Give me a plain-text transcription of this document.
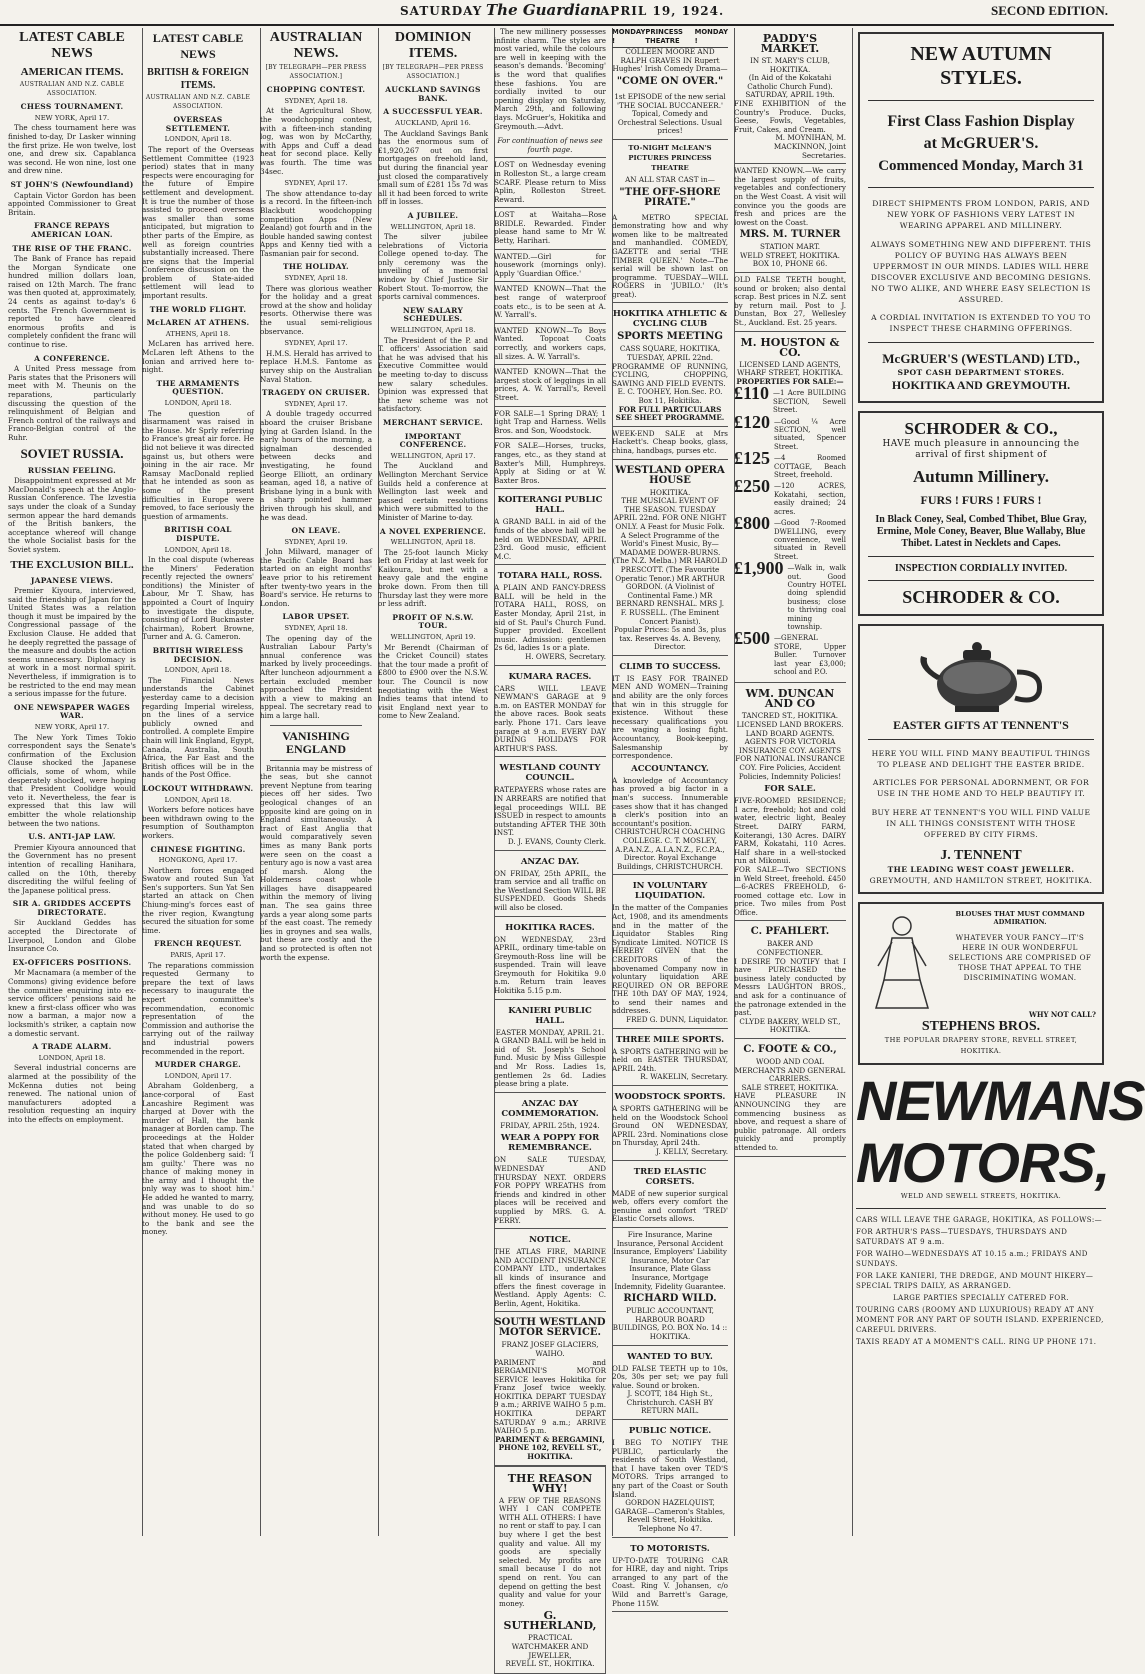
SATURDAY The Guardian APRIL 19, 1924.	SECOND EDITION.
LATEST CABLE NEWS
AMERICAN ITEMS.
AUSTRALIAN AND N.Z. CABLE ASSOCIATION.
CHESS TOURNAMENT.
NEW YORK, April 17.

The chess tournament here was finished to-day, Dr Lasker winning the first prize. He won twelve, lost one, and drew six. Capablanca was second. He won nine, lost one and drew nine.

ST JOHN'S (Newfoundland)

Captain Victor Gordon has been appointed Commissioner to Great Britain.

FRANCE REPAYS AMERICAN LOAN.
THE RISE OF THE FRANC.

The Bank of France has repaid the Morgan Syndicate one hundred million dollars loan, raised on 12th March. The franc was then quoted at, approximately, 24 cents as against to-day's 6 cents. The French Government is reported to have cleared enormous profits and is completely confident the franc will continue to rise.

A CONFERENCE.

A United Press message from Paris states that the Prisoners will meet with M. Theunis on the reparations, particularly discussing the question of the relinquishment of Belgian and French control of the railways and Franco-Belgian control of the Ruhr.

SOVIET RUSSIA.
RUSSIAN FEELING.

Disappointment expressed at Mr MacDonald's speech at the Anglo-Russian Conference. The Izvestia says under the cloak of a Sunday sermon appear the hard demands of the British bankers, the acceptance whereof will change the whole Socialist basis for the Soviet system.

THE EXCLUSION BILL.
JAPANESE VIEWS.

Premier Kiyoura, interviewed, said the friendship of Japan for the United States was a relation though it must be impaired by the Congressional passage of the Exclusion Clause. He added that he deeply regretted the passage of the measure and doubts the action seems unnecessary. Diplomacy is at work in a most normal spirit. Nevertheless, if immigration is to be restricted to the end may mean a serious impasse for the future.

ONE NEWSPAPER WAGES WAR.
NEW YORK, April 17.

The New York Times Tokio correspondent says the Senate's confirmation of the Exclusion Clause shocked the Japanese officials, some of whom, while desperately shocked, were hoping that President Coolidge would veto it. Nevertheless, the fear is expressed that this law will embitter the whole relationship between the two nations.

U.S. ANTI-JAP LAW.

Premier Kiyoura announced that the Government has no present intention of recalling Hanihara, called on the 10th, thereby discrediting the wilful feeling of the Japanese political press.

SIR A. GRIDDES ACCEPTS DIRECTORATE.

Sir Auckland Geddes has accepted the Directorate of Liverpool, London and Globe Insurance Co.

EX-OFFICERS POSITIONS.

Mr Macnamara (a member of the Commons) giving evidence before the committee enquiring into ex-service officers' pensions said he knew a first-class officer who was now a barman, a major now a locksmith's striker, a captain now a domestic servant.

A TRADE ALARM.
LONDON, April 18.

Several industrial concerns are alarmed at the possibility of the McKenna duties not being renewed. The national union of manufacturers adopted a resolution requesting an inquiry into the effects on employment.

LATEST CABLE NEWS
BRITISH & FOREIGN ITEMS.
AUSTRALIAN AND N.Z. CABLE ASSOCIATION.
OVERSEAS SETTLEMENT.
LONDON, April 18.

The report of the Overseas Settlement Committee (1923 period) states that in many respects were encouraging for the future of Empire settlement and development. It is true the number of those assisted to proceed overseas was smaller than some anticipated, but migration to other parts of the Empire, as well as foreign countries substantially increased. There are signs that the Imperial Conference discussion on the problem of State-aided settlement will lead to important results.

THE WORLD FLIGHT.
McLAREN AT ATHENS.
ATHENS, April 18.

McLaren has arrived here. McLaren left Athens to the Ionian and arrived here to-night.

THE ARMAMENTS QUESTION.
LONDON, April 18.

The question of disarmament was raised in the House. Mr Sprly referring to France's great air force. He did not believe it was directed against us, but others were joining in the air race. Mr Ramsay MacDonald replied that he intended as soon as some of the present difficulties in Europe were removed, to face seriously the question of armaments.

BRITISH COAL DISPUTE.
LONDON, April 18.

In the coal dispute (whereas the Miners' Federation recently rejected the owners' conditions) the Minister of Labour, Mr T. Shaw, has appointed a Court of Inquiry to investigate the dispute, consisting of Lord Buckmaster (chairman), Robert Browne, Turner and A. G. Cameron.

BRITISH WIRELESS DECISION.
LONDON, April 18.

The Financial News understands the Cabinet yesterday came to a decision regarding Imperial wireless, on the lines of a service publicly owned and controlled. A complete Empire chain will link England, Egypt, Canada, Australia, South Africa, the Far East and the British offices will be in the hands of the Post Office.

LOCKOUT WITHDRAWN.
LONDON, April 18.

Workers before notices have been withdrawn owing to the resumption of Southampton workers.

CHINESE FIGHTING.
HONGKONG, April 17.

Northern forces engaged Swatow and routed Sun Yat Sen's supporters. Sun Yat Sen started an attack on Chen Chiung-ming's forces east of the river region, Kwangtung secured the situation for some time.

FRENCH REQUEST.
PARIS, April 17.

The reparations commission requested Germany to prepare the text of laws necessary to inaugurate the expert committee's recommendation, economic representation of the Commission and authorise the carrying out of the railway and industrial powers recommended in the report.

MURDER CHARGE.
LONDON, April 17.

Abraham Goldenberg, a lance-corporal of East Lancashire Regiment was charged at Dover with the murder of Hall, the bank manager at Borden camp. The proceedings at the Holder stated that when charged by the police Goldenberg said: 'I am guilty.' There was no chance of making money in the army and I thought the only way was to shoot him.' He added he wanted to marry, and was unable to do so without money. He used to go to the bank and see the money.

AUSTRALIAN NEWS.
[BY TELEGRAPH—PER PRESS ASSOCIATION.]
CHOPPING CONTEST.
SYDNEY, April 18.

At the Agricultural Show, the woodchopping contest, with a fifteen-inch standing log, was won by McCarthy, with Apps and Cuff a dead heat for second place. Kelly was fourth. The time was 34sec.

SYDNEY, April 17.

The show attendance to-day is a record. In the fifteen-inch Blackbutt woodchopping competition Apps (New Zealand) got fourth and in the double handed sawing contest Apps and Kenny tied with a Tasmanian pair for second.

THE HOLIDAY.
SYDNEY, April 18.

There was glorious weather for the holiday and a great crowd at the show and holiday resorts. Otherwise there was the usual semi-religious observance.

SYDNEY, April 17.

H.M.S. Herald has arrived to replace H.M.S. Fantome as survey ship on the Australian Naval Station.

TRAGEDY ON CRUISER.
SYDNEY, April 17.

A double tragedy occurred aboard the cruiser Brisbane lying at Garden Island. In the early hours of the morning, a signalman descended between decks and investigating, he found George Elliott, an ordinary seaman, aged 18, a native of Brisbane lying in a bunk with a sharp pointed hammer driven through his skull, and he was dead.

ON LEAVE.
SYDNEY, April 19.

John Milward, manager of the Pacific Cable Board has started on an eight months' leave prior to his retirement after twenty-two years in the Board's service. He returns to London.

LABOR UPSET.
SYDNEY, April 18.

The opening day of the Australian Labour Party's annual conference was marked by lively proceedings. After luncheon adjournment a certain excluded member approached the President with a view to making an appeal. The secretary read to him a large hall.

VANISHING ENGLAND

Britannia may be mistress of the seas, but she cannot prevent Neptune from tearing pieces off her sides. Two geological changes of an opposite kind are going on in England simultaneously. A tract of East Anglia that would comparatively seven times as many Bank ports were seen on the coast a century ago is now a vast area of marsh. Along the Holderness coast whole villages have disappeared within the memory of living man. The sea gains three yards a year along some parts of the east coast. The remedy lies in groynes and sea walls, but these are costly and the land so protected is often not worth the expense.

DOMINION ITEMS.
[BY TELEGRAPH—PER PRESS ASSOCIATION.]
AUCKLAND SAVINGS BANK.
A SUCCESSFUL YEAR.
AUCKLAND, April 16.

The Auckland Savings Bank has the enormous sum of £1,920,267 out on first mortgages on freehold land, but during the financial year just closed the comparatively small sum of £281 15s 7d was all it had been forced to write off in losses.

A JUBILEE.
WELLINGTON, April 18.

The silver jubilee celebrations of Victoria College opened to-day. The only ceremony was the unveiling of a memorial window by Chief Justice Sir Robert Stout. To-morrow, the sports carnival commences.

NEW SALARY SCHEDULES.
WELLINGTON, April 18.

The President of the P. and T. officers' Association said that he was advised that his Executive Committee would be meeting to-day to discuss new salary schedules. Opinion was expressed that the new scheme was not satisfactory.

MERCHANT SERVICE.
IMPORTANT CONFERENCE.
WELLINGTON, April 17.

The Auckland and Wellington Merchant Service Guilds held a conference at Wellington last week and passed certain resolutions which were submitted to the Minister of Marine to-day.

A NOVEL EXPERIENCE.
WELLINGTON, April 18.

The 25-foot launch Micky left on Friday at last week for Kaikoura, but met with a heavy gale and the engine broke down. From then till Thursday last they were more or less adrift.

PROFIT OF N.S.W. TOUR.
WELLINGTON, April 19.

Mr Berendt (Chairman of the Cricket Council) states that the tour made a profit of £800 to £900 over the N.S.W. tour. The Council is now negotiating with the West Indies teams that intend to visit England next year to come to New Zealand.

The new millinery possesses infinite charm. The styles are most varied, while the colours are well in keeping with the season's demands. 'Becoming' is the word that qualifies these fashions. You are cordially invited to our opening display on Saturday, March 29th, and following days. McGruer's, Hokitika and Greymouth.—Advt.

For continuation of news see fourth page.
LOST on Wednesday evening in Rolleston St., a large cream SCARF. Please return to Miss Aplin, Rolleston Street. Reward.
LOST at Waitaha—Rose BRIDLE. Rewarded. Finder please hand same to Mr W. Betty, Harihari.
WANTED.—Girl for housework (mornings only). Apply 'Guardian Office.'
WANTED KNOWN—That the best range of waterproof coats etc., is to be seen at A. W. Yarrall's.
WANTED KNOWN—To Boys Wanted. Topcoat Coats correctly, and workers caps, all sizes. A. W. Yarrall's.
WANTED KNOWN—That the largest stock of leggings in all prices, A. W. Yarrall's, Revell Street.
FOR SALE—1 Spring DRAY; 1 light Trap and Harness. Wells Bros. and Son, Woodstock.
FOR SALE—Horses, trucks, ranges, etc., as they stand at Baxter's Mill, Humphreys. Apply at Siding or at W. Baxter Bros.
KOITERANGI PUBLIC HALL.
A GRAND BALL in aid of the funds of the above hall will be held on WEDNESDAY, APRIL 23rd. Good music, efficient M.C.
TOTARA HALL, ROSS.
A PLAIN AND FANCY-DRESS BALL will be held in the TOTARA HALL, ROSS, on Easter Monday, April 21st, in aid of St. Paul's Church Fund. Supper provided. Excellent music. Admission: gentlemen 2s 6d, ladies 1s or a plate.
H. OWERS, Secretary.
KUMARA RACES.
CARS WILL LEAVE NEWMAN'S GARAGE at 9 a.m. on EASTER MONDAY for the above races. Book seats early. Phone 171. Cars leave garage at 9 a.m. EVERY DAY DURING HOLIDAYS FOR ARTHUR'S PASS.
WESTLAND COUNTY COUNCIL.
RATEPAYERS whose rates are IN ARREARS are notified that legal proceedings WILL BE ISSUED in respect to amounts outstanding AFTER THE 30th INST.
D. J. EVANS, County Clerk.
ANZAC DAY.
ON FRIDAY, 25th APRIL, the tram service and all traffic on the Westland Section WILL BE SUSPENDED. Goods Sheds will also be closed.
HOKITIKA RACES.
ON WEDNESDAY, 23rd APRIL, ordinary time-table on Greymouth-Ross line will be suspended. Train will leave Greymouth for Hokitika 9.0 a.m. Return train leaves Hokitika 5.15 p.m.
KANIERI PUBLIC HALL.
EASTER MONDAY, APRIL 21.
A GRAND BALL will be held in aid of St. Joseph's School fund. Music by Miss Gillespie and Mr Ross. Ladies 1s, gentlemen 2s 6d. Ladies please bring a plate.
ANZAC DAY COMMEMORATION.
FRIDAY, APRIL 25th, 1924.
WEAR A POPPY FOR REMEMBRANCE.
ON SALE TUESDAY, WEDNESDAY AND THURSDAY NEXT. ORDERS FOR POPPY WREATHS from friends and kindred in other places will be received and supplied by MRS. G. A. PERRY.
NOTICE.
THE ATLAS FIRE, MARINE AND ACCIDENT INSURANCE COMPANY LTD., undertakes all kinds of insurance and offers the finest coverage in Westland. Apply Agents: C. Berlin, Agent, Hokitika.
SOUTH WESTLAND MOTOR SERVICE.
FRANZ JOSEF GLACIERS, WAIHO.
PARIMENT and BERGAMINI'S MOTOR SERVICE leaves Hokitika for Franz Josef twice weekly. HOKITIKA DEPART TUESDAY 9 a.m.; ARRIVE WAIHO 5 p.m. HOKITIKA DEPART SATURDAY 9 a.m.; ARRIVE WAIHO 5 p.m.
PARIMENT & BERGAMINI, PHONE 102, REVELL ST., HOKITIKA.
THE REASON WHY!
A FEW OF THE REASONS WHY I CAN COMPETE WITH ALL OTHERS: I have no rent or staff to pay. I can buy where I get the best quality and value. All my goods are specially selected. My profits are small because I do not spend on rent. You can depend on getting the best quality and value for your money.
G. SUTHERLAND,
PRACTICAL WATCHMAKER AND JEWELLER,
REVELL ST., HOKITIKA.
MONDAY !
PRINCESS THEATRE
MONDAY !
COLLEEN MOORE AND RALPH GRAVES IN Rupert Hughes' Irish Comedy Drama—
"COME ON OVER."
1st EPISODE of the new serial 'THE SOCIAL BUCCANEER.' Topical, Comedy and Orchestral Selections. Usual prices!
TO-NIGHT McLEAN'S PICTURES PRINCESS THEATRE
AN ALL STAR CAST in—
"THE OFF-SHORE PIRATE."
A METRO SPECIAL demonstrating how and why women like to be maltreated and manhandled. COMEDY, GAZETTE and serial 'THE TIMBER QUEEN.' Note—The serial will be shown last on programme. TUESDAY—WILL ROGERS in 'JUBILO.' (It's great).
HOKITIKA ATHLETIC & CYCLING CLUB
SPORTS MEETING
CASS SQUARE, HOKITIKA, TUESDAY, APRIL 22nd.
PROGRAMME OF RUNNING, CYCLING, CHOPPING, SAWING AND FIELD EVENTS.
E. C. TOOHEY, Hon.Sec. P.O. Box 11, Hokitika.
FOR FULL PARTICULARS SEE SHEET PROGRAMME.
WEEK-END SALE at Mrs Hackett's. Cheap books, glass, china, handbags, purses etc.
WESTLAND OPERA HOUSE
HOKITIKA.
THE MUSICAL EVENT OF THE SEASON. TUESDAY APRIL 22nd. FOR ONE NIGHT ONLY. A Feast for Music Folk. A Select Programme of the World's Finest Music, By— MADAME DOWER-BURNS. (The N.Z. Melba.) MR HAROLD PRESCOTT. (The Favourite Operatic Tenor.) MR ARTHUR GORDON. (A Violinist of Continental Fame.) MR BERNARD RENSHAL. MRS J. F. RUSSELL. (The Eminent Concert Pianist).
Popular Prices: 5s and 3s, plus tax. Reserves 4s. A. Beveny, Director.
CLIMB TO SUCCESS.
IT IS EASY FOR TRAINED MEN AND WOMEN—Training and ability are the only forces that win in this struggle for existence. Without these necessary qualifications you are waging a losing fight. Accountancy, Book-keeping, Salesmanship by correspondence.
ACCOUNTANCY.
A knowledge of Accountancy has proved a big factor in a man's success. Innumerable cases show that it has changed a clerk's position into an accountant's position.
CHRISTCHURCH COACHING COLLEGE. C. T. MOSLEY, A.P.A.N.Z., A.I.A.N.Z., F.C.P.A., Director. Royal Exchange Buildings, CHRISTCHURCH.
IN VOLUNTARY LIQUIDATION.
In the matter of the Companies Act, 1908, and its amendments and in the matter of the Liquidator Stables Ring Syndicate Limited. NOTICE IS HEREBY GIVEN that the CREDITORS of the abovenamed Company now in voluntary liquidation ARE REQUIRED ON OR BEFORE THE 10th DAY OF MAY, 1924, to send their names and addresses.
FRED G. DUNN, Liquidator.
THREE MILE SPORTS.
A SPORTS GATHERING will be held on EASTER THURSDAY, APRIL 24th.
R. WAKELIN, Secretary.
WOODSTOCK SPORTS.
A SPORTS GATHERING will be held on the Woodstock School Ground ON WEDNESDAY, APRIL 23rd. Nominations close on Thursday, April 24th.
J. KELLY, Secretary.
TRED ELASTIC CORSETS.
MADE of new superior surgical web, offers every comfort the genuine and comfort 'TRED' Elastic Corsets allows.
Fire Insurance, Marine Insurance, Personal Accident Insurance, Employers' Liability Insurance, Motor Car Insurance, Plate Glass Insurance, Mortgage Indemnity, Fidelity Guarantee.
RICHARD WILD.
PUBLIC ACCOUNTANT, HARBOUR BOARD BUILDINGS, P.O. BOX No. 14 :: HOKITIKA.
WANTED TO BUY.
OLD FALSE TEETH up to 10s, 20s, 30s per set; we pay full value. Sound or broken.
J. SCOTT, 184 High St., Christchurch. CASH BY RETURN MAIL.
PUBLIC NOTICE.
I BEG TO NOTIFY THE PUBLIC, particularly the residents of South Westland, that I have taken over TED'S MOTORS. Trips arranged to any part of the Coast or South Island.
GORDON HAZELQUIST, GARAGE—Cameron's Stables, Revell Street, Hokitika. Telephone No 47.
TO MOTORISTS.
UP-TO-DATE TOURING CAR for HIRE, day and night. Trips arranged to any part of the Coast. Ring V. Johansen, c/o Wild and Barrett's Garage, Phone 115W.
PADDY'S MARKET.
IN ST. MARY'S CLUB, HOKITIKA.
(In Aid of the Kokatahi Catholic Church Fund).
SATURDAY, APRIL 19th.
FINE EXHIBITION of the Country's Produce. Ducks, Geese, Fowls, Vegetables, Fruit, Cakes, and Cream.
M. MOYNIHAN, M. MACKINNON, Joint Secretaries.
WANTED KNOWN.—We carry the largest supply of fruits, vegetables and confectionery on the West Coast. A visit will convince you the goods are fresh and prices are the lowest on the Coast.
MRS. M. TURNER
STATION MART.
WELD STREET, HOKITIKA. BOX 10, PHONE 66.
OLD FALSE TEETH bought, sound or broken; also dental scrap. Best prices in N.Z. sent by return mail. Post to J. Dunstan, Box 27, Wellesley St., Auckland. Est. 25 years.
M. HOUSTON & CO.
LICENSED LAND AGENTS, WHARF STREET, HOKITIKA.
PROPERTIES FOR SALE:—
£110 —1 Acre BUILDING SECTION, Sewell Street.
£120 —Good ¼ Acre SECTION, well situated, Spencer Street.
£125 —4 Roomed COTTAGE, Beach Street, freehold.
£250 —120 ACRES, Kokatahi, section, easily drained; 24 acres.
£800 —Good 7-Roomed DWELLING, every convenience, well situated in Revell Street.
£1,900 —Walk in, walk out. Good Country HOTEL doing splendid business; close to thriving coal mining township.
£500 —GENERAL STORE, Upper Buller. Turnover last year £3,000; school and P.O.
WM. DUNCAN AND CO
TANCRED ST., HOKITIKA.
LICENSED LAND BROKERS. LAND BOARD AGENTS. AGENTS FOR VICTORIA INSURANCE COY. AGENTS FOR NATIONAL INSURANCE COY. Fire Policies, Accident Policies, Indemnity Policies!
FOR SALE.
FIVE-ROOMED RESIDENCE; 1 acre, freehold; hot and cold water, electric light, Bealey Street. DAIRY FARM, Koiterangi, 130 Acres. DAIRY FARM, Kokatahi, 110 Acres. Half share in a well-stocked run at Mikonui.
FOR SALE—Two SECTIONS in Weld Street, freehold. £450—6-ACRES FREEHOLD, 6-roomed cottage etc. Low in price. Two miles from Post Office.
C. PFAHLERT.
BAKER AND CONFECTIONER.
I DESIRE TO NOTIFY that I have PURCHASED the business lately conducted by Messrs LAUGHTON BROS., and ask for a continuance of the patronage extended in the past.
CLYDE BAKERY, WELD ST., HOKITIKA.
C. FOOTE & CO.,
WOOD AND COAL MERCHANTS AND GENERAL CARRIERS.
SALE STREET, HOKITIKA.
HAVE PLEASURE IN ANNOUNCING they are commencing business as above, and request a share of public patronage. All orders quickly and promptly attended to.
NEW AUTUMN STYLES.
First Class Fashion Display
at McGRUER'S.
Commenced Monday, March 31

DIRECT SHIPMENTS FROM LONDON, PARIS, AND NEW YORK OF FASHIONS VERY LATEST IN WEARING APPAREL AND MILLINERY.

ALWAYS SOMETHING NEW AND DIFFERENT. THIS POLICY OF BUYING HAS ALWAYS BEEN UPPERMOST IN OUR MINDS. LADIES WILL HERE DISCOVER EXCLUSIVE AND BECOMING DESIGNS. NO TWO ALIKE, AND WHERE EASY SELECTION IS ASSURED.

A CORDIAL INVITATION IS EXTENDED TO YOU TO INSPECT THESE CHARMING OFFERINGS.

McGRUER'S (WESTLAND) LTD.,
SPOT CASH DEPARTMENT STORES.
HOKITIKA AND GREYMOUTH.
SCHRODER & CO.,
HAVE much pleasure in announcing the arrival of first shipment of
Autumn Millinery.
FURS ! FURS ! FURS !
In Black Coney, Seal, Combed Thibet, Blue Gray, Ermine, Mole Coney, Beaver, Blue Wallaby, Blue Thibet. Latest in Necklets and Capes.
INSPECTION CORDIALLY INVITED.
SCHRODER & CO.
EASTER GIFTS AT TENNENT'S

HERE YOU WILL FIND MANY BEAUTIFUL THINGS TO PLEASE AND DELIGHT THE EASTER BRIDE.

ARTICLES FOR PERSONAL ADORNMENT, OR FOR USE IN THE HOME AND TO HELP BEAUTIFY IT.

BUY HERE AT TENNENT'S YOU WILL FIND VALUE IN ALL THINGS CONSISTENT WITH THOSE OFFERED BY CITY FIRMS.

J. TENNENT
THE LEADING WEST COAST JEWELLER.
GREYMOUTH, AND HAMILTON STREET, HOKITIKA.
BLOUSES THAT MUST COMMAND ADMIRATION.

WHATEVER YOUR FANCY—IT'S HERE IN OUR WONDERFUL SELECTIONS ARE COMPRISED OF THOSE THAT APPEAL TO THE DISCRIMINATING WOMAN.

WHY NOT CALL?
STEPHENS BROS.
THE POPULAR DRAPERY STORE, REVELL STREET, HOKITIKA.
NEWMANS
MOTORS,
WELD AND SEWELL STREETS, HOKITIKA.

CARS WILL LEAVE THE GARAGE, HOKITIKA, AS FOLLOWS:—

FOR ARTHUR'S PASS—TUESDAYS, THURSDAYS AND SATURDAYS AT 9 a.m.

FOR WAIHO—WEDNESDAYS AT 10.15 a.m.; FRIDAYS AND SUNDAYS.

FOR LAKE KANIERI, THE DREDGE, AND MOUNT HIKERY—SPECIAL TRIPS DAILY, AS ARRANGED.

LARGE PARTIES SPECIALLY CATERED FOR.

TOURING CARS (ROOMY AND LUXURIOUS) READY AT ANY MOMENT FOR ANY PART OF SOUTH ISLAND. EXPERIENCED, CAREFUL DRIVERS.

TAXIS READY AT A MOMENT'S CALL. RING UP PHONE 171.
